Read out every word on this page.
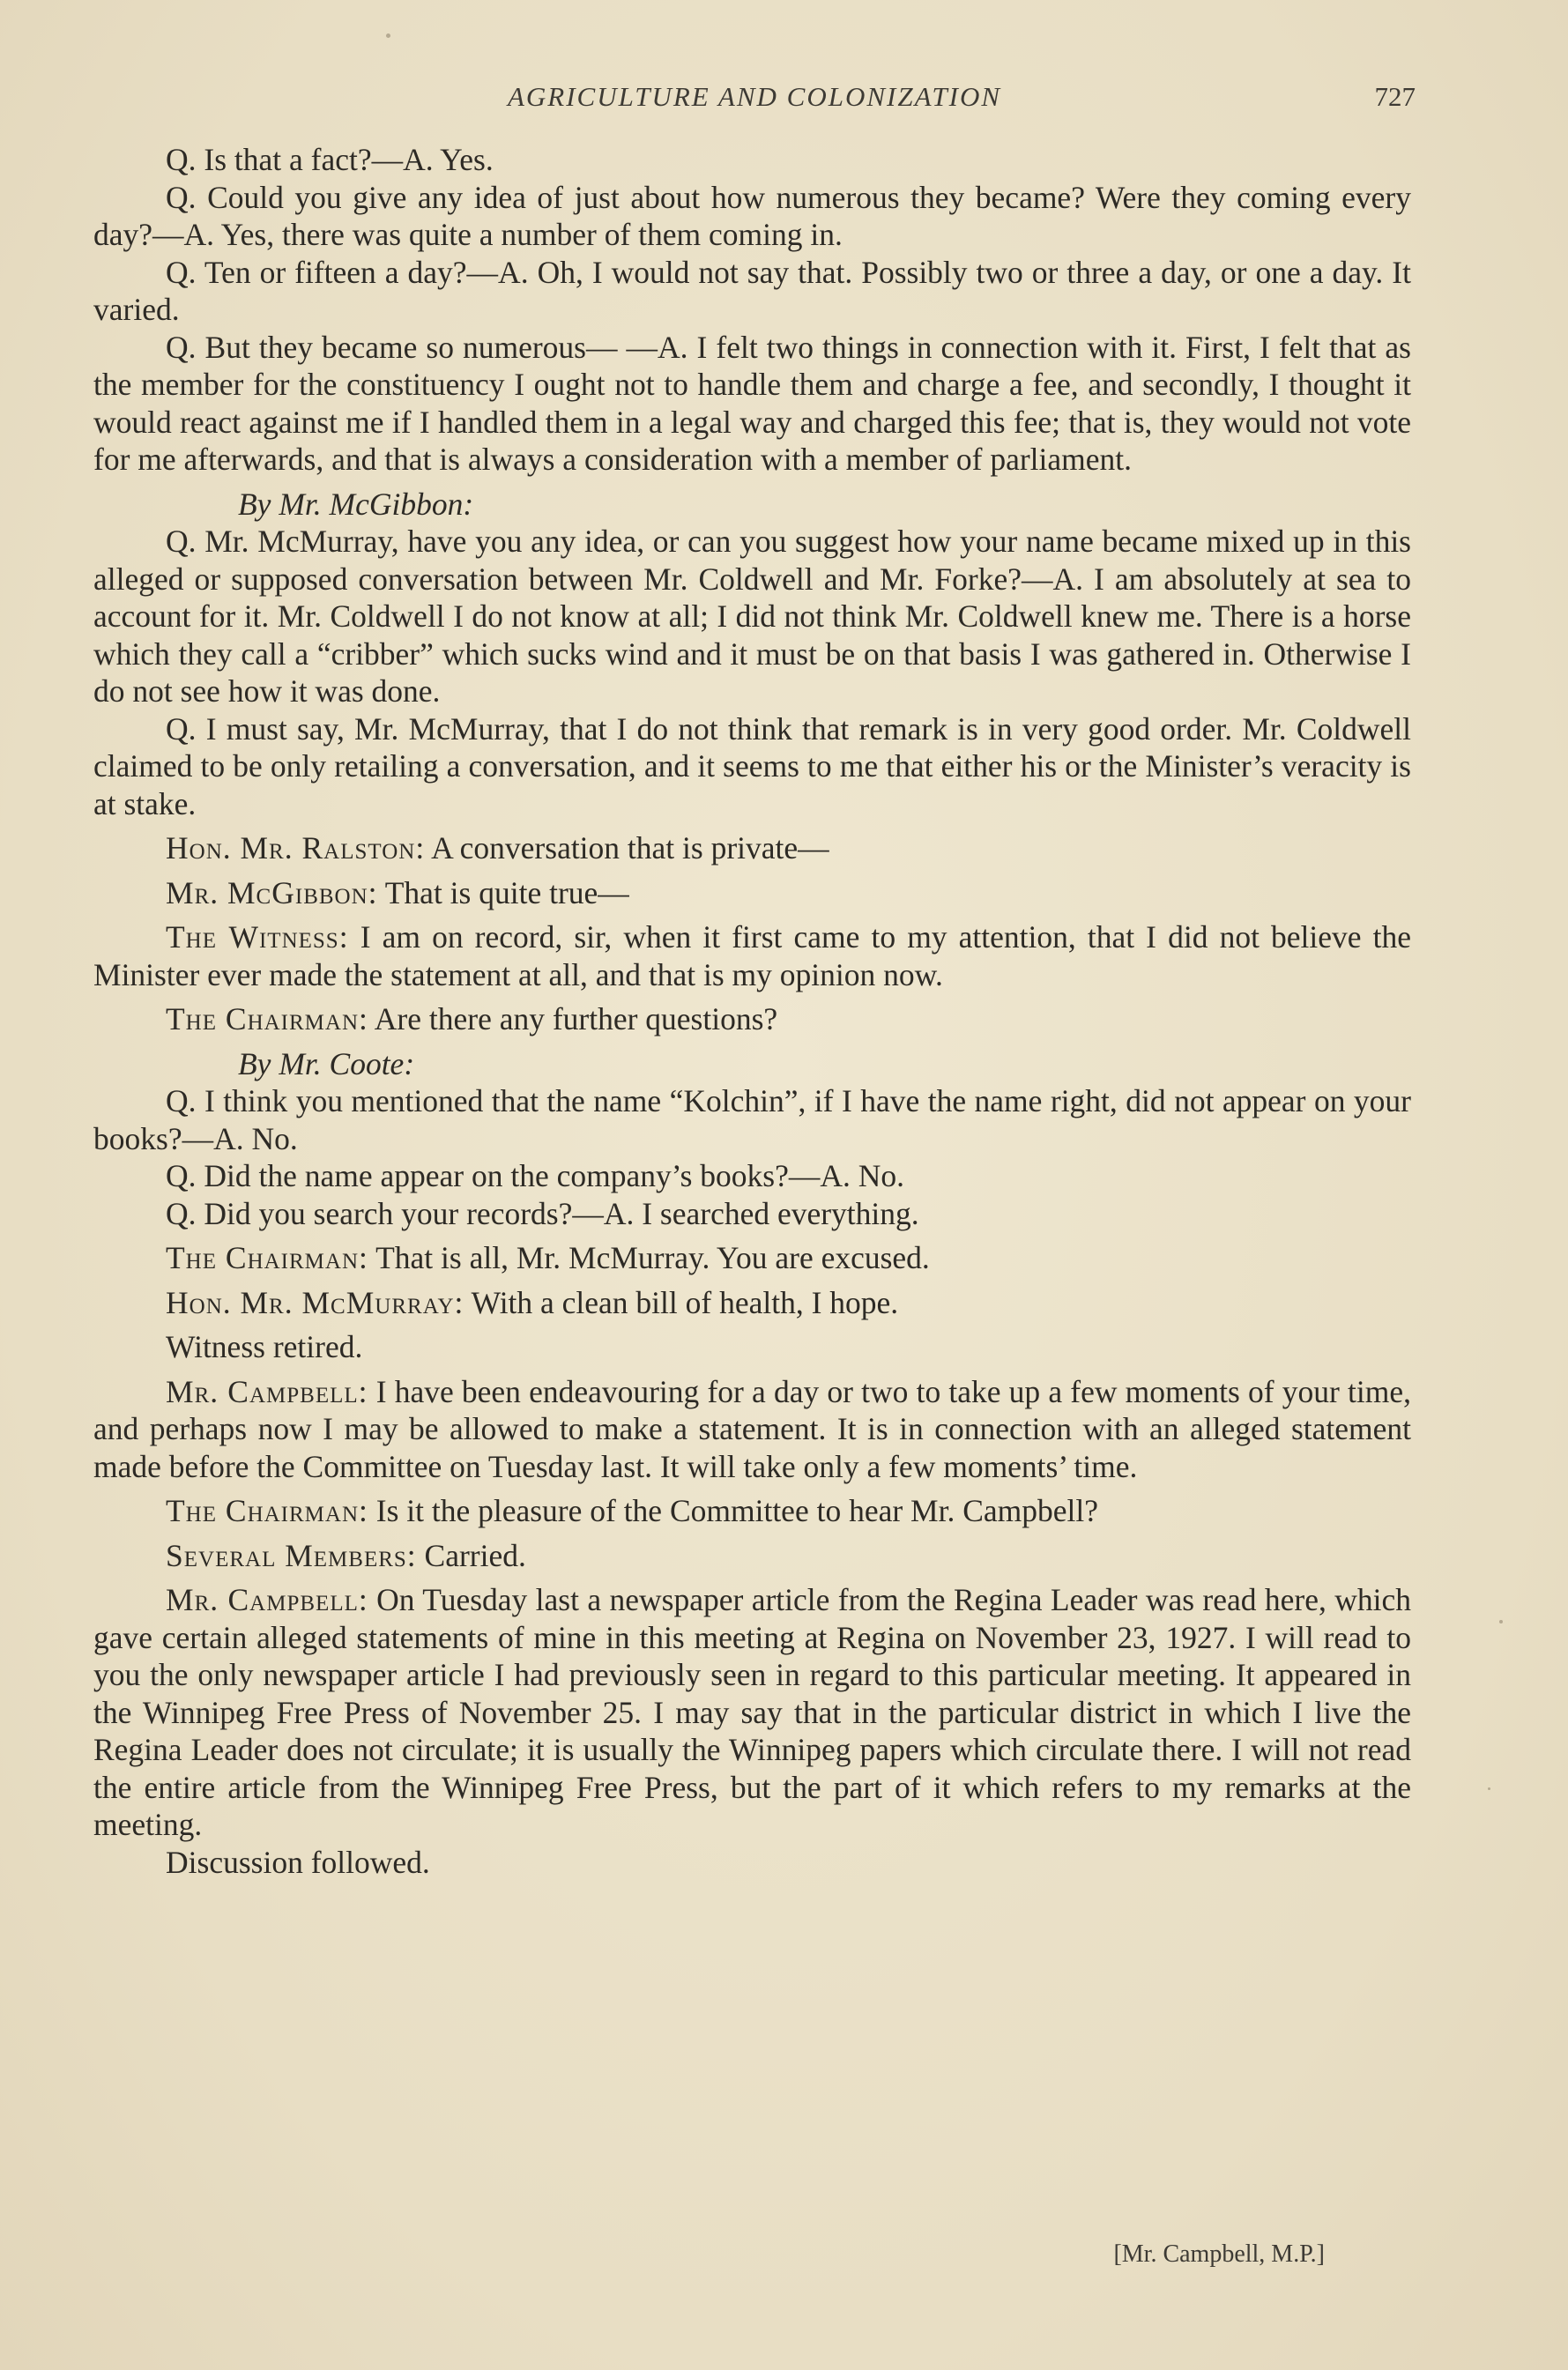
AGRICULTURE AND COLONIZATION	727

Q. Is that a fact?—A. Yes.

Q. Could you give any idea of just about how numerous they became? Were they coming every day?—A. Yes, there was quite a number of them coming in.

Q. Ten or fifteen a day?—A. Oh, I would not say that. Possibly two or three a day, or one a day. It varied.

Q. But they became so numerous— —A. I felt two things in connection with it. First, I felt that as the member for the constituency I ought not to handle them and charge a fee, and secondly, I thought it would react against me if I handled them in a legal way and charged this fee; that is, they would not vote for me afterwards, and that is always a consideration with a member of parliament.

By Mr. McGibbon:

Q. Mr. McMurray, have you any idea, or can you suggest how your name became mixed up in this alleged or supposed conversation between Mr. Coldwell and Mr. Forke?—A. I am absolutely at sea to account for it. Mr. Coldwell I do not know at all; I did not think Mr. Coldwell knew me. There is a horse which they call a “cribber” which sucks wind and it must be on that basis I was gathered in. Otherwise I do not see how it was done.

Q. I must say, Mr. McMurray, that I do not think that remark is in very good order. Mr. Coldwell claimed to be only retailing a conversation, and it seems to me that either his or the Minister’s veracity is at stake.

Hon. Mr. Ralston: A conversation that is private—

Mr. McGibbon: That is quite true—

The Witness: I am on record, sir, when it first came to my attention, that I did not believe the Minister ever made the statement at all, and that is my opinion now.

The Chairman: Are there any further questions?

By Mr. Coote:

Q. I think you mentioned that the name “Kolchin”, if I have the name right, did not appear on your books?—A. No.

Q. Did the name appear on the company’s books?—A. No.

Q. Did you search your records?—A. I searched everything.

The Chairman: That is all, Mr. McMurray. You are excused.

Hon. Mr. McMurray: With a clean bill of health, I hope.

Witness retired.

Mr. Campbell: I have been endeavouring for a day or two to take up a few moments of your time, and perhaps now I may be allowed to make a statement. It is in connection with an alleged statement made before the Committee on Tuesday last. It will take only a few moments’ time.

The Chairman: Is it the pleasure of the Committee to hear Mr. Campbell?

Several Members: Carried.

Mr. Campbell: On Tuesday last a newspaper article from the Regina Leader was read here, which gave certain alleged statements of mine in this meeting at Regina on November 23, 1927. I will read to you the only newspaper article I had previously seen in regard to this particular meeting. It appeared in the Winnipeg Free Press of November 25. I may say that in the particular district in which I live the Regina Leader does not circulate; it is usually the Winnipeg papers which circulate there. I will not read the entire article from the Winnipeg Free Press, but the part of it which refers to my remarks at the meeting.

Discussion followed.

[Mr. Campbell, M.P.]
